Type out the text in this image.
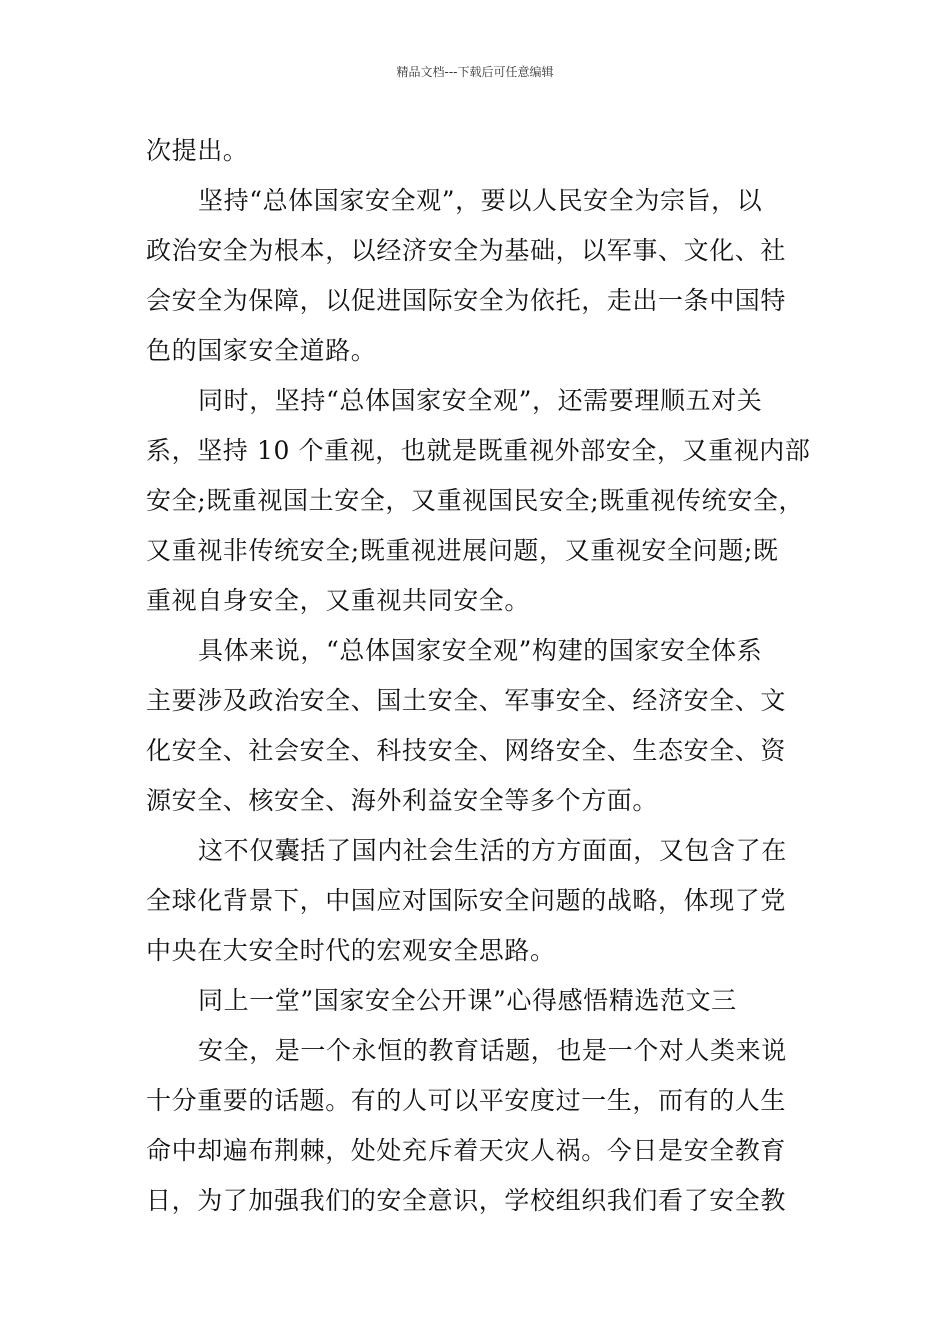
精品文档---下载后可任意编辑
次提出。
坚持“总体国家安全观”，要以人民安全为宗旨，以
政治安全为根本，以经济安全为基础，以军事、文化、社
会安全为保障，以促进国际安全为依托，走出一条中国特
色的国家安全道路。
同时，坚持“总体国家安全观”，还需要理顺五对关
系，坚持 10 个重视，也就是既重视外部安全，又重视内部
安全;既重视国土安全，又重视国民安全;既重视传统安全，
又重视非传统安全;既重视进展问题，又重视安全问题;既
重视自身安全，又重视共同安全。
具体来说，“总体国家安全观”构建的国家安全体系
主要涉及政治安全、国土安全、军事安全、经济安全、文
化安全、社会安全、科技安全、网络安全、生态安全、资
源安全、核安全、海外利益安全等多个方面。
这不仅囊括了国内社会生活的方方面面，又包含了在
全球化背景下，中国应对国际安全问题的战略，体现了党
中央在大安全时代的宏观安全思路。
同上一堂”国家安全公开课”心得感悟精选范文三
安全，是一个永恒的教育话题，也是一个对人类来说
十分重要的话题。有的人可以平安度过一生，而有的人生
命中却遍布荆棘，处处充斥着天灾人祸。今日是安全教育
日，为了加强我们的安全意识，学校组织我们看了安全教
